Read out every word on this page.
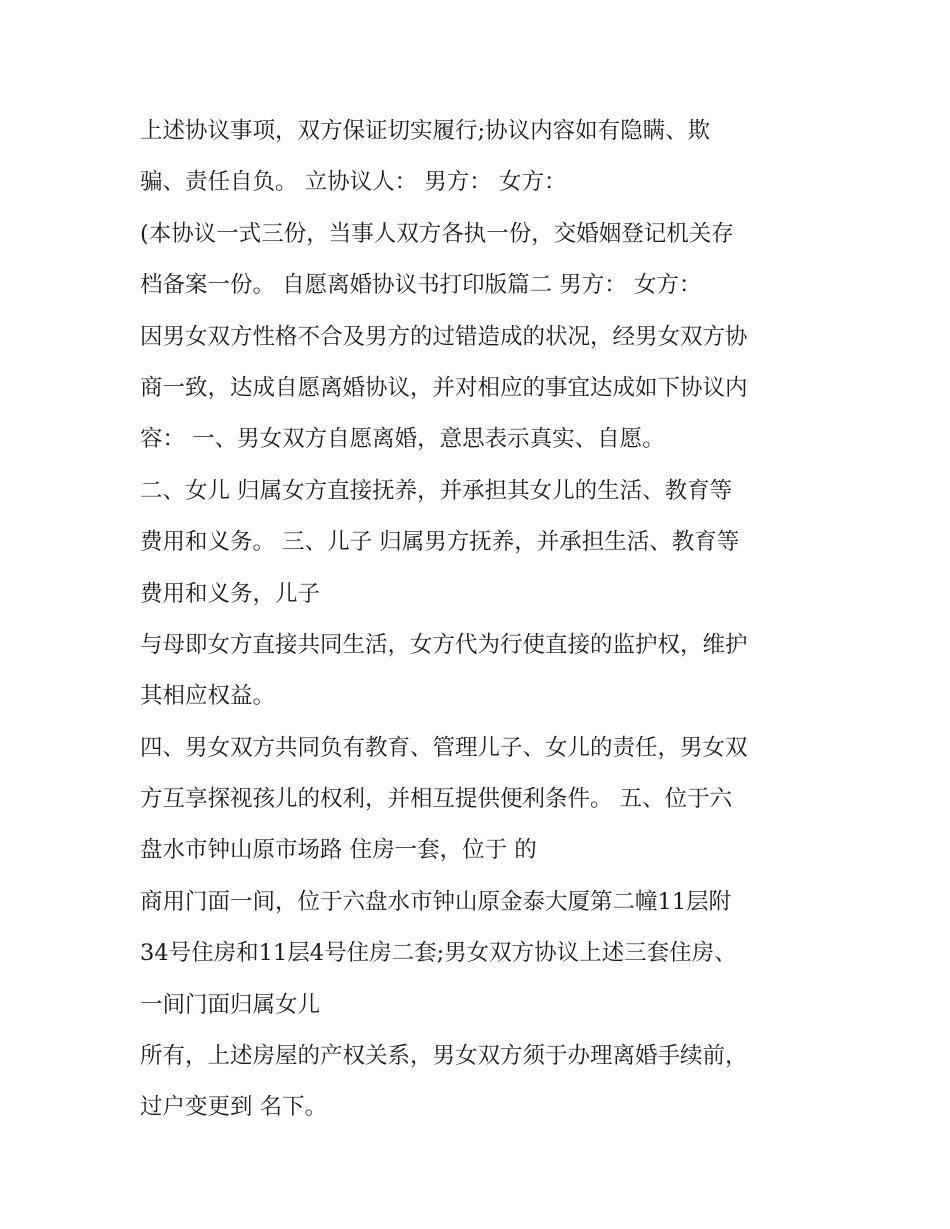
上述协议事项，双方保证切实履行;协议内容如有隐瞒、欺
骗、责任自负。 立协议人： 男方： 女方：
(本协议一式三份，当事人双方各执一份，交婚姻登记机关存
档备案一份。 自愿离婚协议书打印版篇二 男方： 女方：
因男女双方性格不合及男方的过错造成的状况，经男女双方协
商一致，达成自愿离婚协议，并对相应的事宜达成如下协议内
容： 一、男女双方自愿离婚，意思表示真实、自愿。
二、女儿 归属女方直接抚养，并承担其女儿的生活、教育等
费用和义务。 三、儿子 归属男方抚养，并承担生活、教育等
费用和义务，儿子
与母即女方直接共同生活，女方代为行使直接的监护权，维护
其相应权益。
四、男女双方共同负有教育、管理儿子、女儿的责任，男女双
方互享探视孩儿的权利，并相互提供便利条件。 五、位于六
盘水市钟山原市场路 住房一套，位于 的
商用门面一间，位于六盘水市钟山原金泰大厦第二幢11层附
34号住房和11层4号住房二套;男女双方协议上述三套住房、
一间门面归属女儿
所有，上述房屋的产权关系，男女双方须于办理离婚手续前，
过户变更到 名下。
